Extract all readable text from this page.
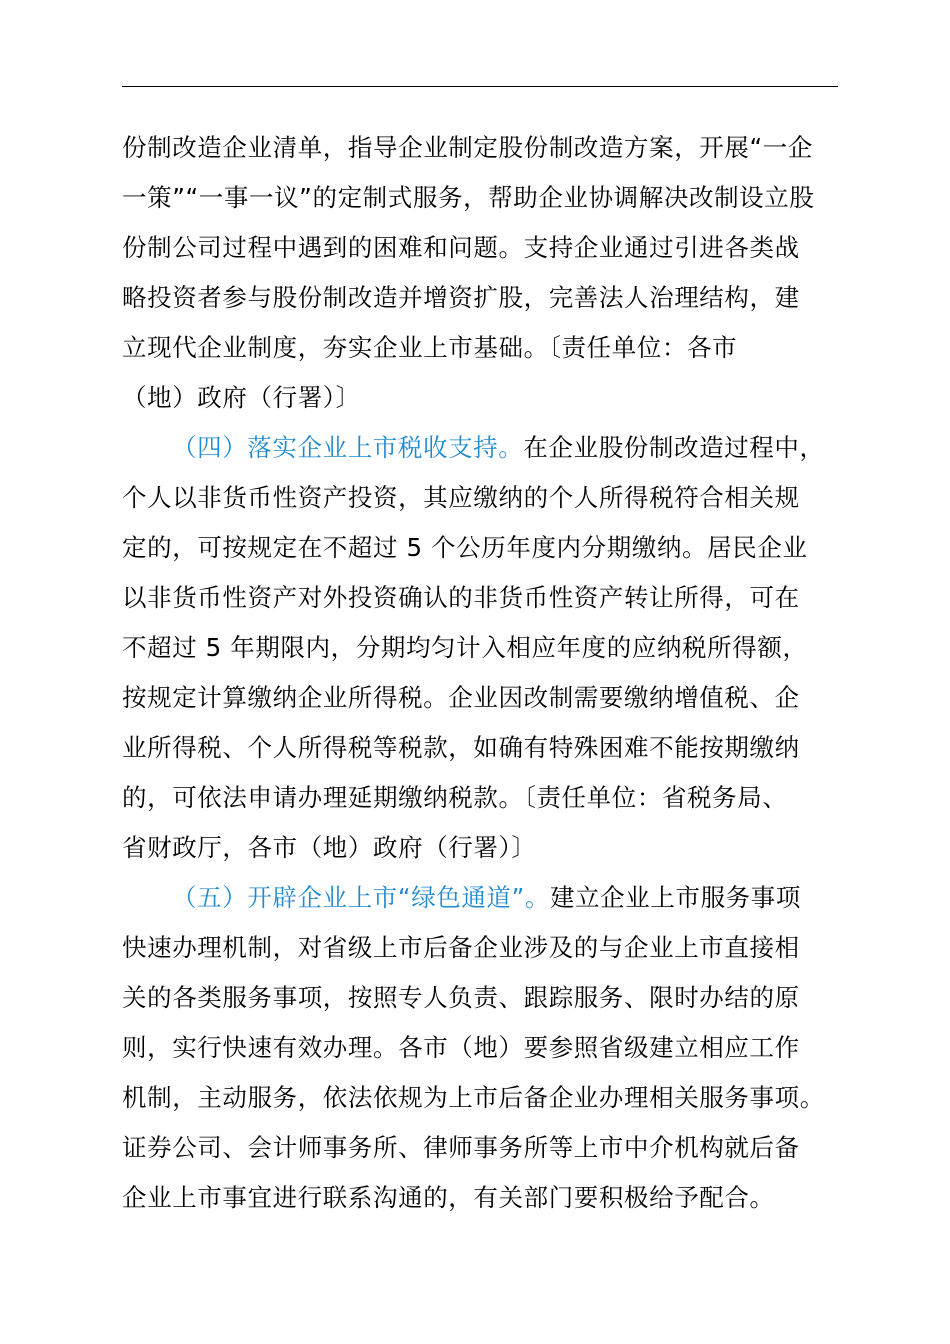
份制改造企业清单，指导企业制定股份制改造方案，开展“一企
一策”“一事一议”的定制式服务，帮助企业协调解决改制设立股
份制公司过程中遇到的困难和问题。支持企业通过引进各类战
略投资者参与股份制改造并增资扩股，完善法人治理结构，建
立现代企业制度，夯实企业上市基础。〔责任单位：各市
（地）政府（行署）〕
（四）落实企业上市税收支持。在企业股份制改造过程中，
个人以非货币性资产投资，其应缴纳的个人所得税符合相关规
定的，可按规定在不超过 5 个公历年度内分期缴纳。居民企业
以非货币性资产对外投资确认的非货币性资产转让所得，可在
不超过 5 年期限内，分期均匀计入相应年度的应纳税所得额，
按规定计算缴纳企业所得税。企业因改制需要缴纳增值税、企
业所得税、个人所得税等税款，如确有特殊困难不能按期缴纳
的，可依法申请办理延期缴纳税款。〔责任单位：省税务局、
省财政厅，各市（地）政府（行署）〕
（五）开辟企业上市“绿色通道”。建立企业上市服务事项
快速办理机制，对省级上市后备企业涉及的与企业上市直接相
关的各类服务事项，按照专人负责、跟踪服务、限时办结的原
则，实行快速有效办理。各市（地）要参照省级建立相应工作
机制，主动服务，依法依规为上市后备企业办理相关服务事项。
证券公司、会计师事务所、律师事务所等上市中介机构就后备
企业上市事宜进行联系沟通的，有关部门要积极给予配合。
